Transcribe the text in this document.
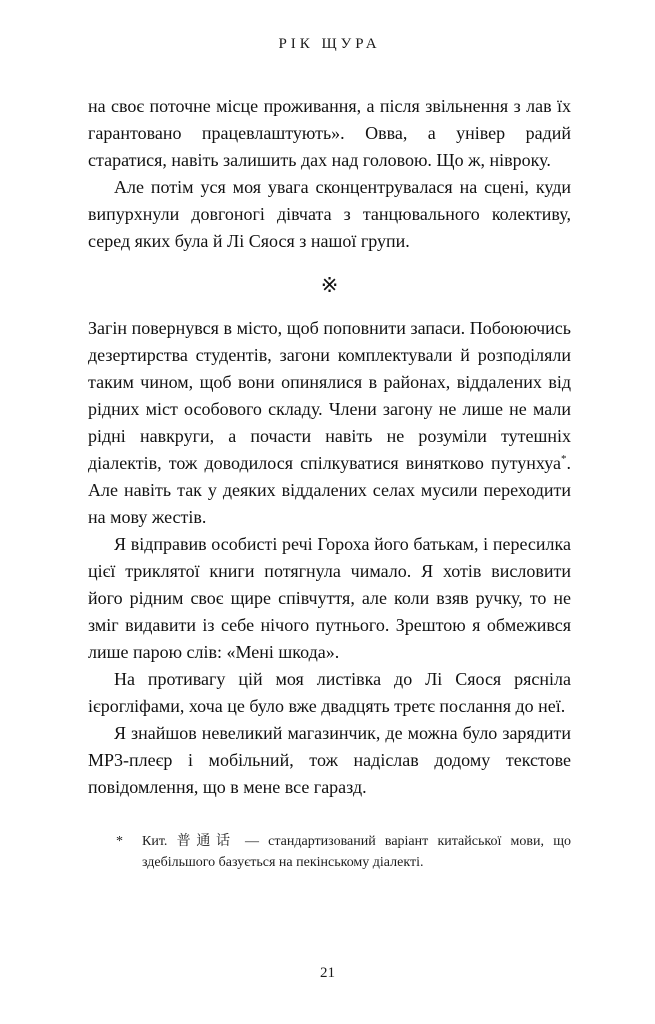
РІК ЩУРА

на своє поточне місце проживання, а після звільнення з лав їх гарантовано працевлаштують». Овва, а універ радий старатися, навіть залишить дах над головою. Що ж, нівроку.

Але потім уся моя увага сконцентрувалася на сцені, куди випурхнули довгоногі дівчата з танцювального колективу, серед яких була й Лі Сяося з нашої групи.

※

Загін повернувся в місто, щоб поповнити запаси. Побоюючись дезертирства студентів, загони комплектували й розподіляли таким чином, щоб вони опинялися в районах, віддалених від рідних міст особового складу. Члени загону не лише не мали рідні навкруги, а почасти навіть не розуміли тутешніх діалектів, тож доводилося спілкуватися винятково путунхуа*. Але навіть так у деяких віддалених селах мусили переходити на мову жестів.

Я відправив особисті речі Гороха його батькам, і пересилка цієї триклятої книги потягнула чимало. Я хотів висловити його рідним своє щире співчуття, але коли взяв ручку, то не зміг видавити із себе нічого путнього. Зрештою я обмежився лише парою слів: «Мені шкода».

На противагу цій моя листівка до Лі Сяося рясніла ієрогліфами, хоча це було вже двадцять третє послання до неї.

Я знайшов невеликий магазинчик, де можна було зарядити МР3-плеєр і мобільний, тож надіслав додому текстове повідомлення, що в мене все гаразд.

*	Кит. 普通话 — стандартизований варіант китайської мови, що здебільшого базується на пекінському діалекті.
21
